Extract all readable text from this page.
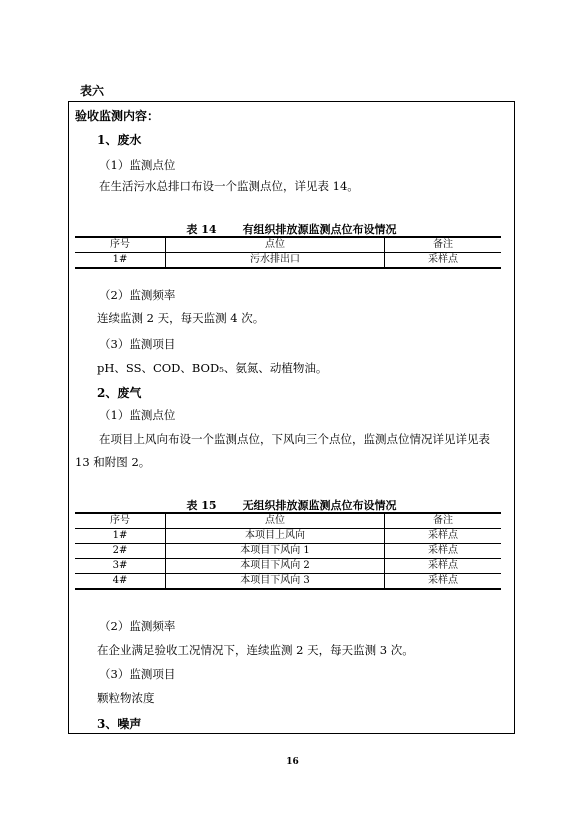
表六
验收监测内容：
1、废水
（1）监测点位
在生活污水总排口布设一个监测点位，详见表 14。
表 14 有组织排放源监测点位布设情况
序号	点位	备注
1#	污水排出口	采样点
（2）监测频率
连续监测 2 天，每天监测 4 次。
（3）监测项目
pH、SS、COD、BOD₅、氨氮、动植物油。
2、废气
（1）监测点位
在项目上风向布设一个监测点位，下风向三个点位，监测点位情况详见详见表
13 和附图 2。
表 15 无组织排放源监测点位布设情况
序号	点位	备注
1#	本项目上风向	采样点
2#	本项目下风向 1	采样点
3#	本项目下风向 2	采样点
4#	本项目下风向 3	采样点
（2）监测频率
在企业满足验收工况情况下，连续监测 2 天，每天监测 3 次。
（3）监测项目
颗粒物浓度
3、噪声
16
